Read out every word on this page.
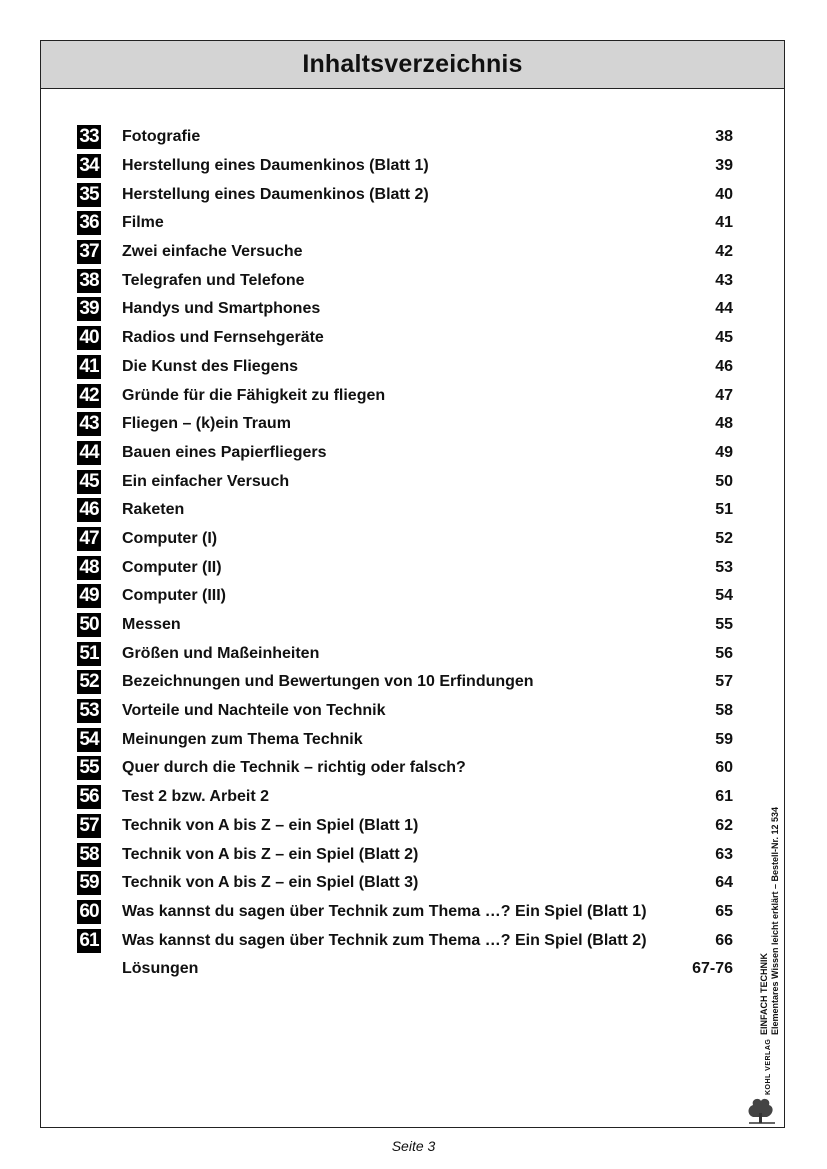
Inhaltsverzeichnis
33 Fotografie	38
34 Herstellung eines Daumenkinos (Blatt 1)	39
35 Herstellung eines Daumenkinos (Blatt 2)	40
36 Filme	41
37 Zwei einfache Versuche	42
38 Telegrafen und Telefone	43
39 Handys und Smartphones	44
40 Radios und Fernsehgeräte	45
41 Die Kunst des Fliegens	46
42 Gründe für die Fähigkeit zu fliegen	47
43 Fliegen – (k)ein Traum	48
44 Bauen eines Papierfliegers	49
45 Ein einfacher Versuch	50
46 Raketen	51
47 Computer (I)	52
48 Computer (II)	53
49 Computer (III)	54
50 Messen	55
51 Größen und Maßeinheiten	56
52 Bezeichnungen und Bewertungen von 10 Erfindungen	57
53 Vorteile und Nachteile von Technik	58
54 Meinungen zum Thema Technik	59
55 Quer durch die Technik – richtig oder falsch?	60
56 Test 2 bzw. Arbeit 2	61
57 Technik von A bis Z – ein Spiel (Blatt 1)	62
58 Technik von A bis Z – ein Spiel (Blatt 2)	63
59 Technik von A bis Z – ein Spiel (Blatt 3)	64
60 Was kannst du sagen über Technik zum Thema …? Ein Spiel (Blatt 1)	65
61 Was kannst du sagen über Technik zum Thema …? Ein Spiel (Blatt 2)	66
Lösungen	67-76	EINFACH TECHNIK Elementares Wissen leicht erklärt – Bestell-Nr. 12 534
KOHL VERLAG
Seite 3
